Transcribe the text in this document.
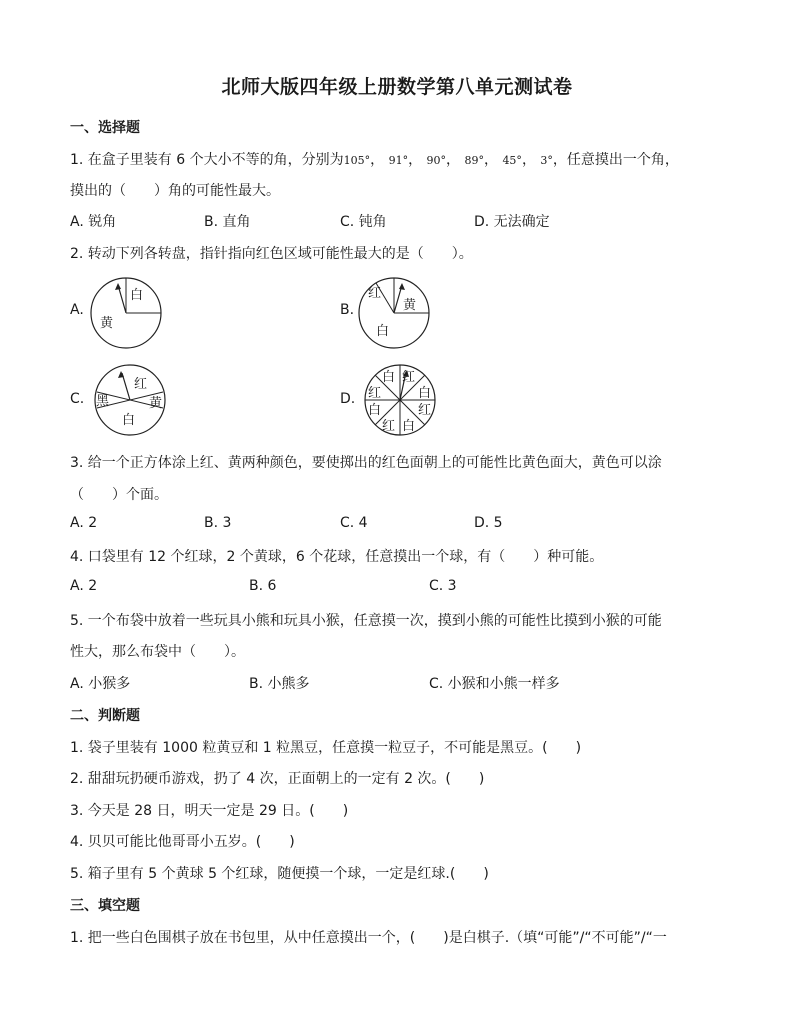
北师大版四年级上册数学第八单元测试卷
一、选择题
1. 在盒子里装有 6 个大小不等的角，分别为105°， 91°， 90°， 89°， 45°， 3°，任意摸出一个角，
摸出的（　　）角的可能性最大。
A. 锐角	B. 直角	C. 钝角	D. 无法确定
2. 转动下列各转盘，指针指向红色区域可能性最大的是（　　）。
A.
白
黄
B.
红
黄
白
C.
红
黑	黄
白
D.
白 红
红	白
白	红
红 白
3. 给一个正方体涂上红、黄两种颜色，要使掷出的红色面朝上的可能性比黄色面大，黄色可以涂
（　　）个面。
A. 2	B. 3	C. 4	D. 5
4. 口袋里有 12 个红球，2 个黄球，6 个花球，任意摸出一个球，有（　　）种可能。
A. 2	B. 6	C. 3
5. 一个布袋中放着一些玩具小熊和玩具小猴，任意摸一次，摸到小熊的可能性比摸到小猴的可能
性大，那么布袋中（　　）。
A. 小猴多	B. 小熊多	C. 小猴和小熊一样多
二、判断题
1. 袋子里装有 1000 粒黄豆和 1 粒黑豆，任意摸一粒豆子，不可能是黑豆。(　　)
2. 甜甜玩扔硬币游戏，扔了 4 次，正面朝上的一定有 2 次。(　　)
3. 今天是 28 日，明天一定是 29 日。(　　)
4. 贝贝可能比他哥哥小五岁。(　　)
5. 箱子里有 5 个黄球 5 个红球，随便摸一个球，一定是红球.(　　)
三、填空题
1. 把一些白色围棋子放在书包里，从中任意摸出一个，(　　)是白棋子.（填“可能”/“不可能”/“一
